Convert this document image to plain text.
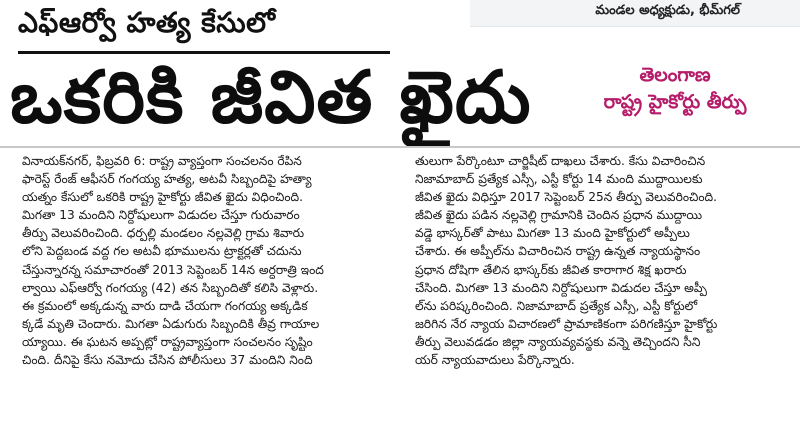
మండల అధ్యక్షుడు, భీమ్‌గల్
ఎఫ్‌ఆర్వో హత్య కేసులో
ఒకరికి జీవిత ఖైదు	తెలంగాణ
రాష్ట్ర హైకోర్టు తీర్పు
వినాయక్‌నగర్, ఫిబ్రవరి 6: రాష్ట్ర వ్యాప్తంగా సంచలనం రేపిన
ఫారెస్ట్ రేంజ్ ఆఫీసర్ గంగయ్య హత్య, అటవీ సిబ్బందిపై హత్యా
యత్నం కేసులో ఒకరికి రాష్ట్ర హైకోర్టు జీవిత ఖైదు విధించింది.
మిగతా 13 మందిని నిర్దోషులుగా విడుదల చేస్తూ గురువారం
తీర్పు వెలువరించింది. ధర్పల్లి మండలం నల్లవెల్లి గ్రామ శివారు
లోని పెద్దబండ వద్ద గల అటవీ భూములను ట్రాక్టర్లతో చదును
చేస్తున్నారన్న సమాచారంతో 2013 సెప్టెంబర్ 14న అర్ధరాత్రి ఇంద
ల్వాయి ఎఫ్‌ఆర్వో గంగయ్య (42) తన సిబ్బందితో కలిసి వెళ్లారు.
ఈ క్రమంలో అక్కడున్న వారు దాడి చేయగా గంగయ్య అక్కడిక
క్కడే మృతి చెందారు. మిగతా ఏడుగురు సిబ్బందికి తీవ్ర గాయాల
య్యాయి. ఈ ఘటన అప్పట్లో రాష్ట్రవ్యాప్తంగా సంచలనం సృష్టిం
చింది. దీనిపై కేసు నమోదు చేసిన పోలీసులు 37 మందిని నింది
తులుగా పేర్కొంటూ చార్జిషీట్ దాఖలు చేశారు. కేసు విచారించిన
నిజామాబాద్ ప్రత్యేక ఎస్సీ, ఎస్టీ కోర్టు 14 మంది ముద్దాయిలకు
జీవిత ఖైదు విధిస్తూ 2017 సెప్టెంబర్ 25న తీర్పు వెలువరించింది.
జీవిత ఖైదు పడిన నల్లవెల్లి గ్రామానికి చెందిన ప్రధాన ముద్దాయి
వడ్డె భాస్కర్‌తో పాటు మిగతా 13 మంది హైకోర్టులో అప్పీలు
చేశారు. ఈ అప్పీల్‌ను విచారించిన రాష్ట్ర ఉన్నత న్యాయస్థానం
ప్రధాన దోషిగా తేలిన భాస్కర్‌కు జీవిత కారాగార శిక్ష ఖరారు
చేసింది. మిగతా 13 మందిని నిర్దోషులుగా విడుదల చేస్తూ అప్పీ
ల్‌ను పరిష్కరించింది. నిజామాబాద్ ప్రత్యేక ఎస్సీ, ఎస్టీ కోర్టులో
జరిగిన నేర న్యాయ విచారణలో ప్రామాణికంగా పరిగణిస్తూ హైకోర్టు
తీర్పు వెలువడడం జిల్లా న్యాయవ్యవస్థకు వన్నె తెచ్చిందని సీని
యర్ న్యాయవాదులు పేర్కొన్నారు.
